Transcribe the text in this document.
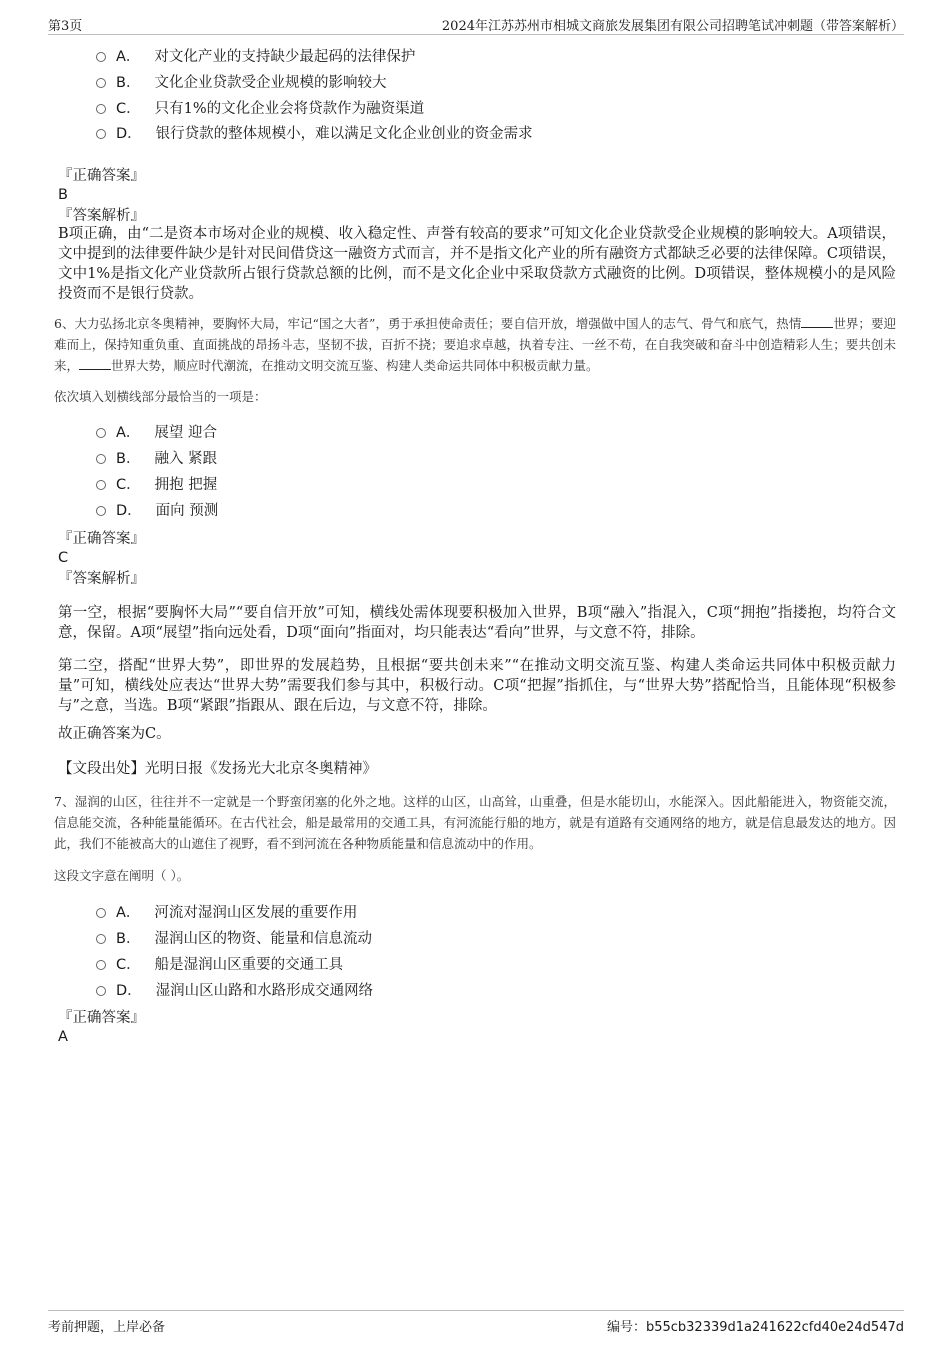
第3页	2024年江苏苏州市相城文商旅发展集团有限公司招聘笔试冲刺题（带答案解析）
A． 对文化产业的支持缺少最起码的法律保护
B． 文化企业贷款受企业规模的影响较大
C． 只有1%的文化企业会将贷款作为融资渠道
D． 银行贷款的整体规模小，难以满足文化企业创业的资金需求
『正确答案』
B
『答案解析』
B项正确，由“二是资本市场对企业的规模、收入稳定性、声誉有较高的要求”可知文化企业贷款受企业规模的影响较大。A项错误，文中提到的法律要件缺少是针对民间借贷这一融资方式而言，并不是指文化产业的所有融资方式都缺乏必要的法律保障。C项错误，文中1%是指文化产业贷款所占银行贷款总额的比例，而不是文化企业中采取贷款方式融资的比例。D项错误，整体规模小的是风险投资而不是银行贷款。
6、大力弘扬北京冬奥精神，要胸怀大局，牢记“国之大者”，勇于承担使命责任；要自信开放，增强做中国人的志气、骨气和底气，热情	世界；要迎难而上，保持知重负重、直面挑战的昂扬斗志，坚韧不拔，百折不挠；要追求卓越，执着专注、一丝不苟，在自我突破和奋斗中创造精彩人生；要共创未来，	世界大势，顺应时代潮流，在推动文明交流互鉴、构建人类命运共同体中积极贡献力量。
依次填入划横线部分最恰当的一项是：
A． 展望 迎合
B． 融入 紧跟
C． 拥抱 把握
D． 面向 预测
『正确答案』
C
『答案解析』
第一空，根据“要胸怀大局”“要自信开放”可知，横线处需体现要积极加入世界，B项“融入”指混入，C项“拥抱”指搂抱，均符合文意，保留。A项“展望”指向远处看，D项“面向”指面对，均只能表达“看向”世界，与文意不符，排除。
第二空，搭配“世界大势”，即世界的发展趋势，且根据“要共创未来”“在推动文明交流互鉴、构建人类命运共同体中积极贡献力量”可知，横线处应表达“世界大势”需要我们参与其中，积极行动。C项“把握”指抓住，与“世界大势”搭配恰当，且能体现“积极参与”之意，当选。B项“紧跟”指跟从、跟在后边，与文意不符，排除。
故正确答案为C。
【文段出处】光明日报《发扬光大北京冬奥精神》
7、湿润的山区，往往并不一定就是一个野蛮闭塞的化外之地。这样的山区，山高耸，山重叠，但是水能切山，水能深入。因此船能进入，物资能交流，信息能交流，各种能量能循环。在古代社会，船是最常用的交通工具，有河流能行船的地方，就是有道路有交通网络的地方，就是信息最发达的地方。因此，我们不能被高大的山遮住了视野，看不到河流在各种物质能量和信息流动中的作用。
这段文字意在阐明（ ）。
A． 河流对湿润山区发展的重要作用
B． 湿润山区的物资、能量和信息流动
C． 船是湿润山区重要的交通工具
D． 湿润山区山路和水路形成交通网络
『正确答案』
A
考前押题，上岸必备	编号：b55cb32339d1a241622cfd40e24d547d
